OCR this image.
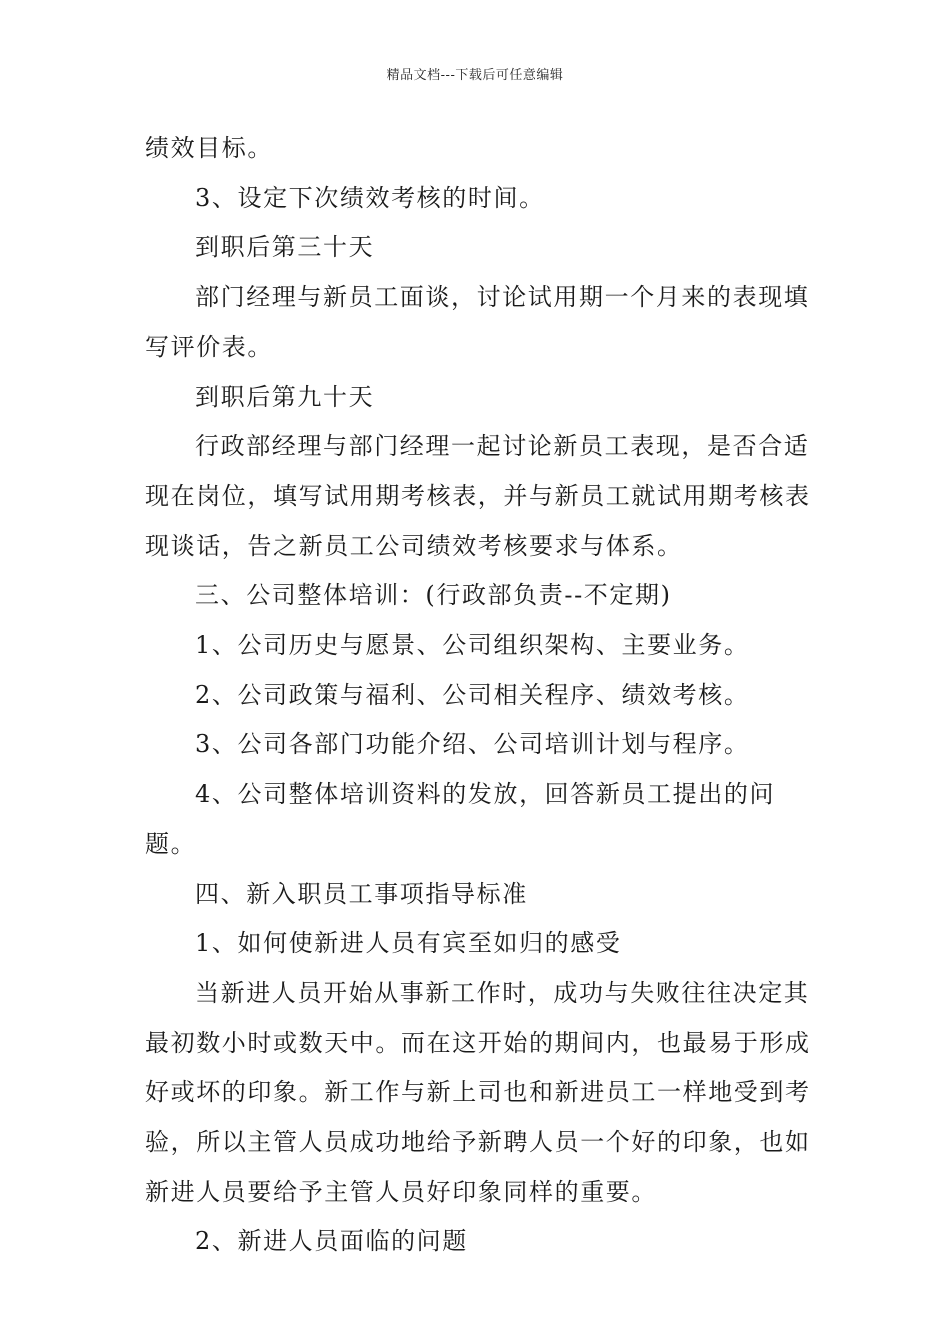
精品文档---下载后可任意编辑

绩效目标。

3、设定下次绩效考核的时间。

到职后第三十天

部门经理与新员工面谈，讨论试用期一个月来的表现填写评价表。

到职后第九十天

行政部经理与部门经理一起讨论新员工表现，是否合适现在岗位，填写试用期考核表，并与新员工就试用期考核表现谈话，告之新员工公司绩效考核要求与体系。

三、公司整体培训：(行政部负责--不定期)

1、公司历史与愿景、公司组织架构、主要业务。

2、公司政策与福利、公司相关程序、绩效考核。

3、公司各部门功能介绍、公司培训计划与程序。

4、公司整体培训资料的发放，回答新员工提出的问题。

四、新入职员工事项指导标准

1、如何使新进人员有宾至如归的感受

当新进人员开始从事新工作时，成功与失败往往决定其最初数小时或数天中。而在这开始的期间内，也最易于形成好或坏的印象。新工作与新上司也和新进员工一样地受到考验，所以主管人员成功地给予新聘人员一个好的印象，也如新进人员要给予主管人员好印象同样的重要。

2、新进人员面临的问题
